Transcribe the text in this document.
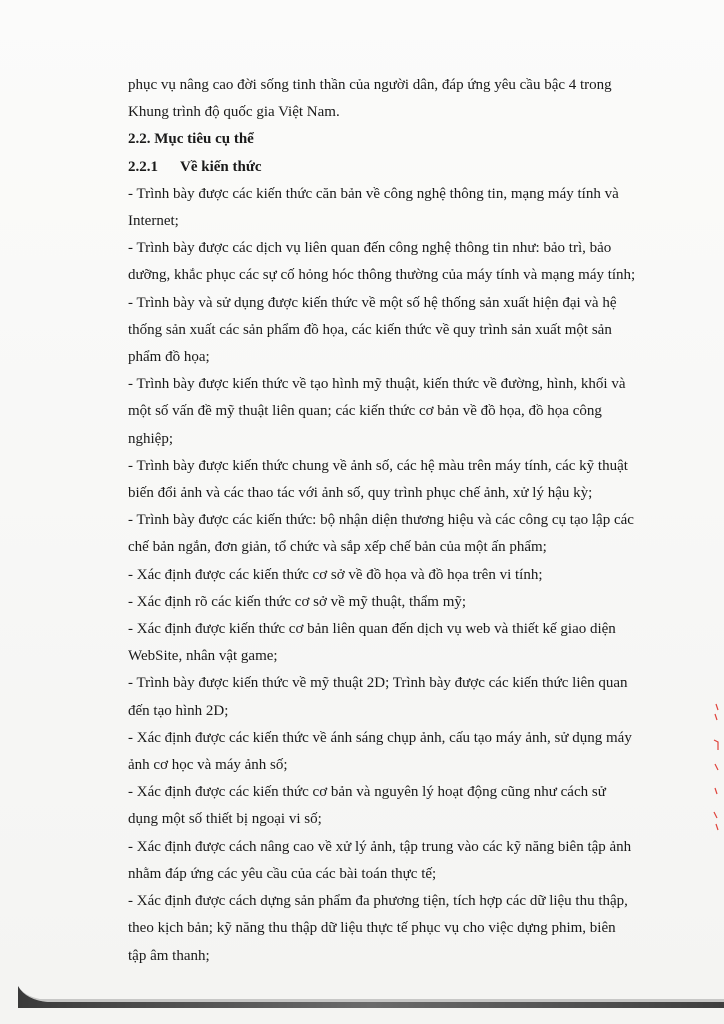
phục vụ nâng cao đời sống tinh thần của người dân, đáp ứng yêu cầu bậc 4 trong

Khung trình độ quốc gia Việt Nam.

2.2. Mục tiêu cụ thể

2.2.1 Về kiến thức

- Trình bày được các kiến thức căn bản về công nghệ thông tin, mạng máy tính và

Internet;

- Trình bày được các dịch vụ liên quan đến công nghệ thông tin như: bảo trì, bảo

dưỡng, khắc phục các sự cố hỏng hóc thông thường của máy tính và mạng máy tính;

- Trình bày và sử dụng được kiến thức về một số hệ thống sản xuất hiện đại và hệ

thống sản xuất các sản phẩm đồ họa, các kiến thức về quy trình sản xuất một sản

phẩm đồ họa;

- Trình bày được kiến thức về tạo hình mỹ thuật, kiến thức về đường, hình, khối và

một số vấn đề mỹ thuật liên quan; các kiến thức cơ bản về đồ họa, đồ họa công

nghiệp;

- Trình bày được kiến thức chung về ảnh số, các hệ màu trên máy tính, các kỹ thuật

biến đổi ảnh và các thao tác với ảnh số, quy trình phục chế ảnh, xử lý hậu kỳ;

- Trình bày được các kiến thức: bộ nhận diện thương hiệu và các công cụ tạo lập các

chế bản ngắn, đơn giản, tổ chức và sắp xếp chế bản của một ấn phẩm;

- Xác định được các kiến thức cơ sở về đồ họa và đồ họa trên vi tính;

- Xác định rõ các kiến thức cơ sở về mỹ thuật, thẩm mỹ;

- Xác định được kiến thức cơ bản liên quan đến dịch vụ web và thiết kế giao diện

WebSite, nhân vật game;

- Trình bày được kiến thức về mỹ thuật 2D; Trình bày được các kiến thức liên quan

đến tạo hình 2D;

- Xác định được các kiến thức về ánh sáng chụp ảnh, cấu tạo máy ảnh, sử dụng máy

ảnh cơ học và máy ảnh số;

- Xác định được các kiến thức cơ bản và nguyên lý hoạt động cũng như cách sử

dụng một số thiết bị ngoại vi số;

- Xác định được cách nâng cao về xử lý ảnh, tập trung vào các kỹ năng biên tập ảnh

nhằm đáp ứng các yêu cầu của các bài toán thực tế;

- Xác định được cách dựng sản phẩm đa phương tiện, tích hợp các dữ liệu thu thập,

theo kịch bản; kỹ năng thu thập dữ liệu thực tế phục vụ cho việc dựng phim, biên

tập âm thanh;
